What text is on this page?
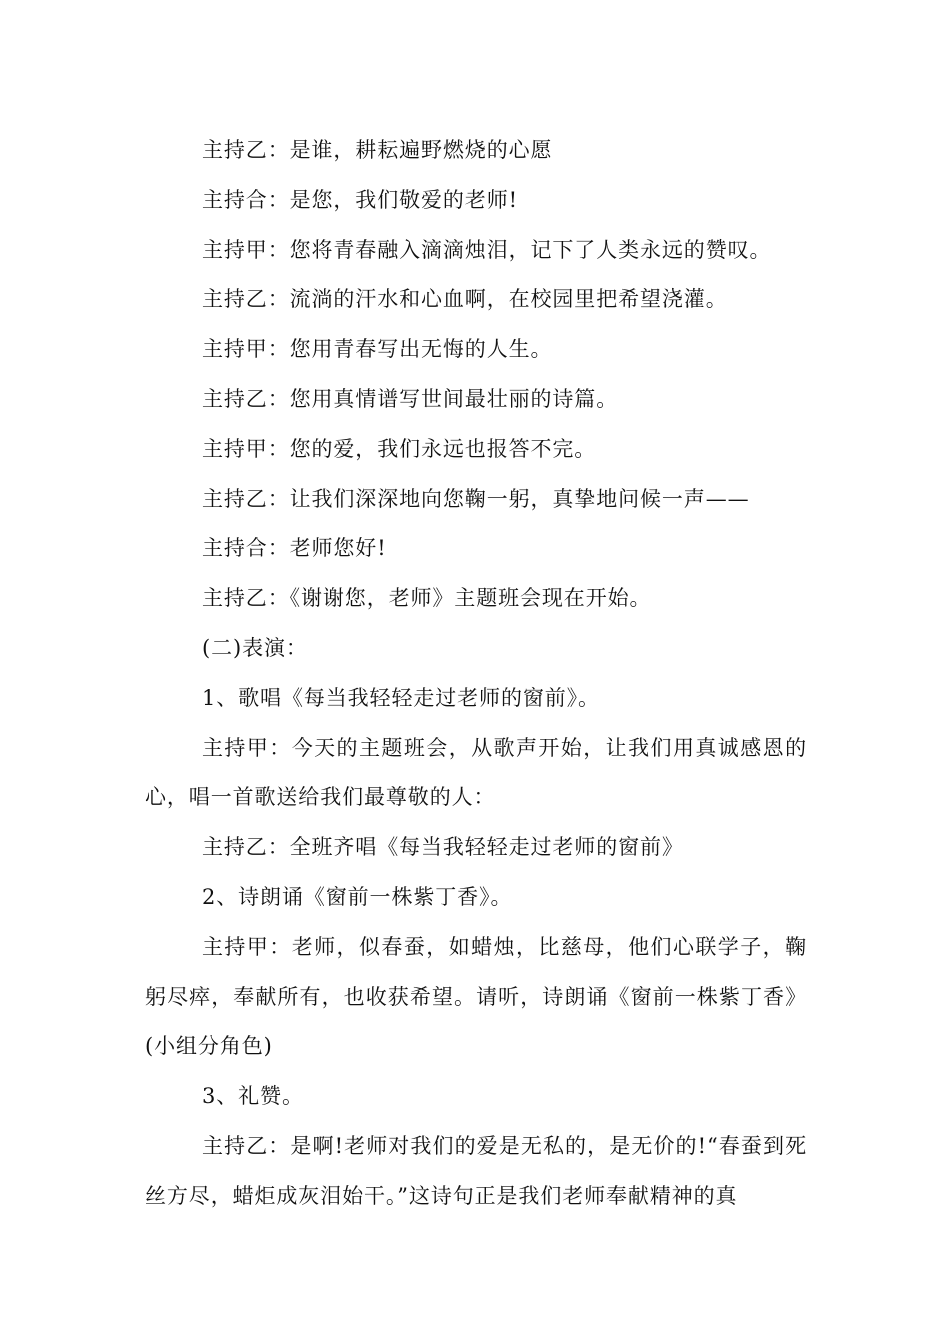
主持乙：是谁，耕耘遍野燃烧的心愿

主持合：是您，我们敬爱的老师!

主持甲：您将青春融入滴滴烛泪，记下了人类永远的赞叹。

主持乙：流淌的汗水和心血啊，在校园里把希望浇灌。

主持甲：您用青春写出无悔的人生。

主持乙：您用真情谱写世间最壮丽的诗篇。

主持甲：您的爱，我们永远也报答不完。

主持乙：让我们深深地向您鞠一躬，真挚地问候一声——

主持合：老师您好!

主持乙：《谢谢您，老师》主题班会现在开始。

(二)表演：

1、歌唱《每当我轻轻走过老师的窗前》。

主持甲：今天的主题班会，从歌声开始，让我们用真诚感恩的心，唱一首歌送给我们最尊敬的人：

主持乙：全班齐唱《每当我轻轻走过老师的窗前》

2、诗朗诵《窗前一株紫丁香》。

主持甲：老师，似春蚕，如蜡烛，比慈母，他们心联学子，鞠躬尽瘁，奉献所有，也收获希望。请听，诗朗诵《窗前一株紫丁香》(小组分角色)

3、礼赞。

主持乙：是啊!老师对我们的爱是无私的，是无价的!“春蚕到死丝方尽，蜡炬成灰泪始干。”这诗句正是我们老师奉献精神的真
